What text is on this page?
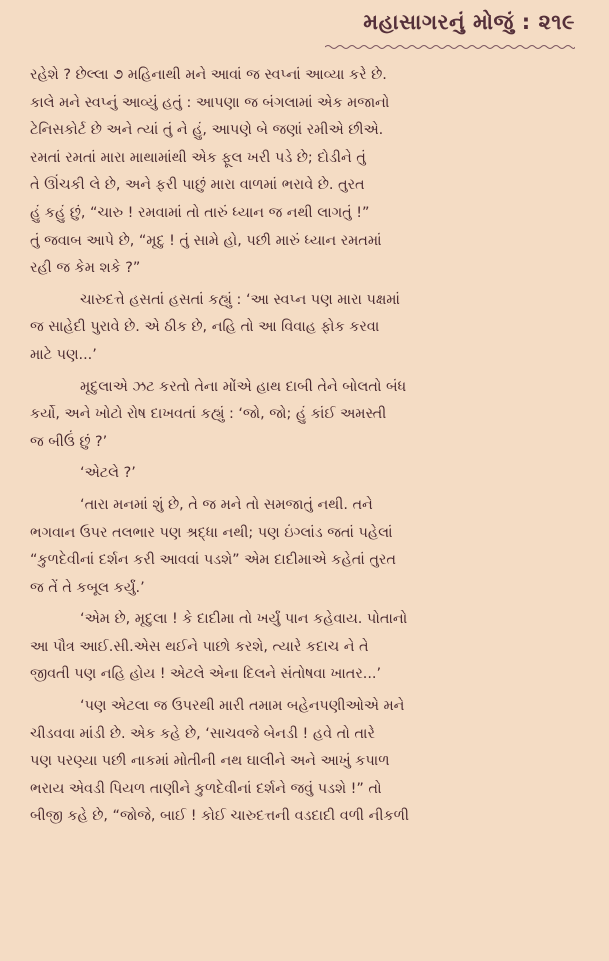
મહાસાગરનું મોજું : ૨૧૯
રહેશે ? છેલ્લા ૭ મહિનાથી મને આવાં જ સ્વપ્નાં આવ્યા કરે છે.
કાલે મને સ્વપ્નું આવ્યું હતું : આપણા જ બંગલામાં એક મજાનો
ટેનિસકોર્ટ છે અને ત્યાં તું ને હું, આપણે બે જણાં રમીએ છીએ.
રમતાં રમતાં મારા માથામાંથી એક ફૂલ ખરી પડે છે; દોડીને તું
તે ઊંચકી લે છે, અને ફરી પાછું મારા વાળમાં ભરાવે છે. તુરત
હું કહું છું, “ચારુ ! રમવામાં તો તારું ધ્યાન જ નથી લાગતું !”
તું જવાબ આપે છે, “મૃદુ ! તું સામે હો, પછી મારું ધ્યાન રમતમાં
રહી જ કેમ શકે ?”
ચારુદત્તે હસતાં હસતાં કહ્યું : ‘આ સ્વપ્ન પણ મારા પક્ષમાં
જ સાહેદી પુરાવે છે. એ ઠીક છે, નહિ તો આ વિવાહ ફોક કરવા
માટે પણ...’
મૃદુલાએ ઝટ કરતો તેના મોંએ હાથ દાબી તેને બોલતો બંધ
કર્યો, અને ખોટો રોષ દાખવતાં કહ્યું : ‘જો, જો; હું કાંઈ અમસ્તી
જ બીઉં છું ?’
‘એટલે ?’
‘તારા મનમાં શું છે, તે જ મને તો સમજાતું નથી. તને
ભગવાન ઉપર તલભાર પણ શ્રદ્ધા નથી; પણ ઇંગ્લાંડ જતાં પહેલાં
“કુળદેવીનાં દર્શન કરી આવવાં પડશે” એમ દાદીમાએ કહેતાં તુરત
જ તેં તે કબૂલ કર્યું.’
‘એમ છે, મૃદુલા ! કે દાદીમા તો ખર્યું પાન કહેવાય. પોતાનો
આ પૌત્ર આઈ.સી.એસ થઈને પાછો કરશે, ત્યારે કદાચ ને તે
જીવતી પણ નહિ હોય ! એટલે એના દિલને સંતોષવા ખાતર...’
‘પણ એટલા જ ઉપરથી મારી તમામ બહેનપણીઓએ મને
ચીડવવા માંડી છે. એક કહે છે, ‘સાચવજે બેનડી ! હવે તો તારે
પણ પરણ્યા પછી નાકમાં મોતીની નથ ઘાલીને અને આખું કપાળ
ભરાય એવડી પિયળ તાણીને કુળદેવીનાં દર્શને જવું પડશે !” તો
બીજી કહે છે, “જોજે, બાઈ ! કોઈ ચારુદત્તની વડદાદી વળી નીકળી
